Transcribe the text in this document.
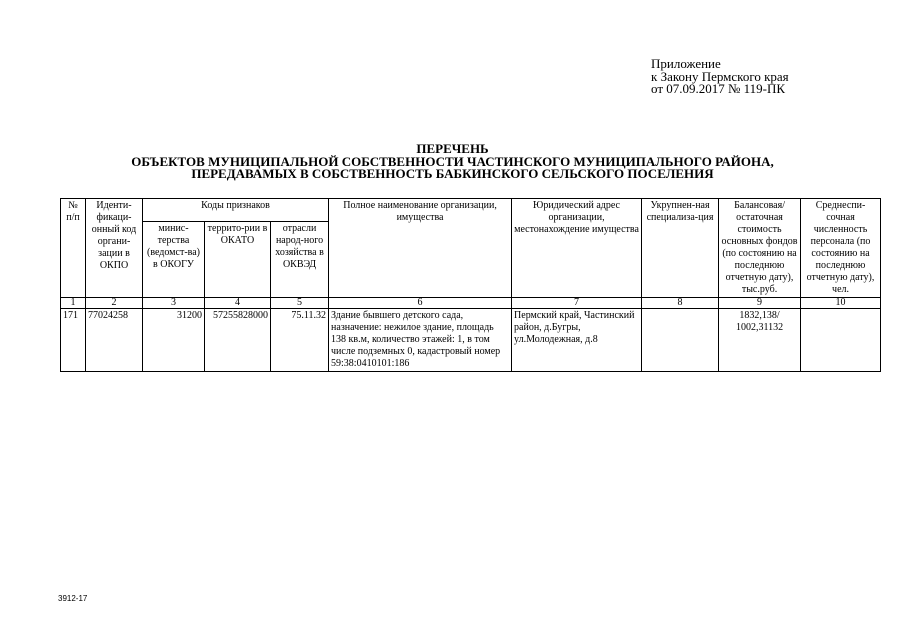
Приложение
к Закону Пермского края
от 07.09.2017 № 119-ПК
ПЕРЕЧЕНЬ
ОБЪЕКТОВ МУНИЦИПАЛЬНОЙ СОБСТВЕННОСТИ ЧАСТИНСКОГО МУНИЦИПАЛЬНОГО РАЙОНА,
ПЕРЕДАВАМЫХ В СОБСТВЕННОСТЬ БАБКИНСКОГО СЕЛЬСКОГО ПОСЕЛЕНИЯ
№ п/п	Иденти-фикаци-онный код органи-зации в ОКПО	Коды признаков			Полное наименование организации, имущества	Юридический адрес организации, местонахождение имущества	Укрупнен-ная специализа-ция	Балансовая/ остаточная стоимость основных фондов (по состоянию на последнюю отчетную дату), тыс.руб.	Среднеспи-сочная численность персонала (по состоянию на последнюю отчетную дату), чел.
		минис-терства (ведомст-ва) в ОКОГУ	террито-рии в ОКАТО	отрасли народ-ного хозяйства в ОКВЭД					
1	2	3	4	5	6	7	8	9	10
171	77024258	31200	57255828000	75.11.32	Здание бывшего детского сада, назначение: нежилое здание, площадь 138 кв.м, количество этажей: 1, в том числе подземных 0, кадастровый номер 59:38:0410101:186	Пермский край, Частинский район, д.Бугры, ул.Молодежная, д.8		1832,138/ 1002,31132	
3912-17
